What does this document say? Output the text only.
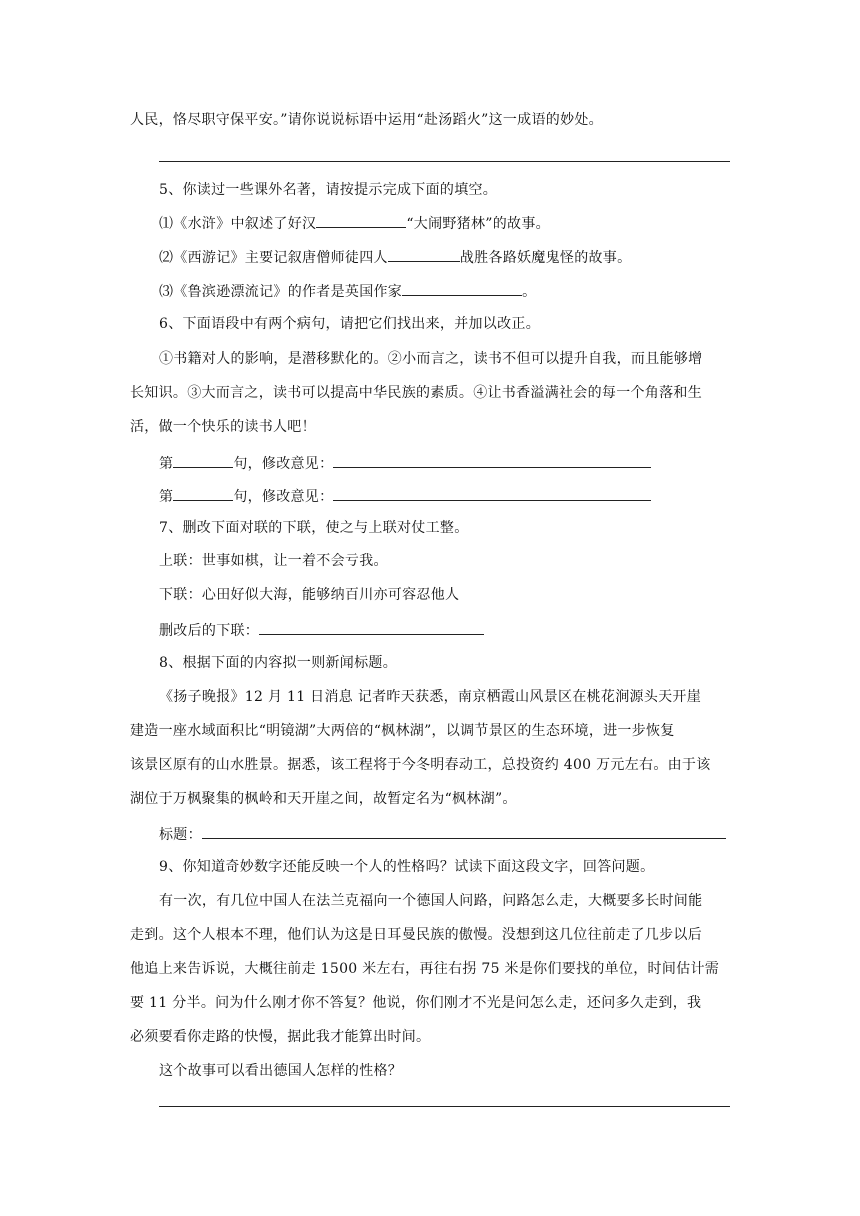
人民，恪尽职守保平安。”请你说说标语中运用“赴汤蹈火”这一成语的妙处。
5、你读过一些课外名著，请按提示完成下面的填空。
⑴《水浒》中叙述了好汉	“大闹野猪林”的故事。
⑵《西游记》主要记叙唐僧师徒四人	战胜各路妖魔鬼怪的故事。
⑶《鲁滨逊漂流记》的作者是英国作家	。
6、下面语段中有两个病句，请把它们找出来，并加以改正。
①书籍对人的影响，是潜移默化的。②小而言之，读书不但可以提升自我，而且能够增
长知识。③大而言之，读书可以提高中华民族的素质。④让书香溢满社会的每一个角落和生
活，做一个快乐的读书人吧！
第	句，修改意见：
第	句，修改意见：
7、删改下面对联的下联，使之与上联对仗工整。
上联：世事如棋，让一着不会亏我。
下联：心田好似大海，能够纳百川亦可容忍他人
删改后的下联：
8、根据下面的内容拟一则新闻标题。
《扬子晚报》12 月 11 日消息 记者昨天获悉，南京栖霞山风景区在桃花涧源头天开崖
建造一座水域面积比“明镜湖”大两倍的“枫林湖”，以调节景区的生态环境，进一步恢复
该景区原有的山水胜景。据悉，该工程将于今冬明春动工，总投资约 400 万元左右。由于该
湖位于万枫聚集的枫岭和天开崖之间，故暂定名为“枫林湖”。
标题：
9、你知道奇妙数字还能反映一个人的性格吗？试读下面这段文字，回答问题。
有一次，有几位中国人在法兰克福向一个德国人问路，问路怎么走，大概要多长时间能
走到。这个人根本不理，他们认为这是日耳曼民族的傲慢。没想到这几位往前走了几步以后
他追上来告诉说，大概往前走 1500 米左右，再往右拐 75 米是你们要找的单位，时间估计需
要 11 分半。问为什么刚才你不答复？他说，你们刚才不光是问怎么走，还问多久走到，我
必须要看你走路的快慢，据此我才能算出时间。
这个故事可以看出德国人怎样的性格？
